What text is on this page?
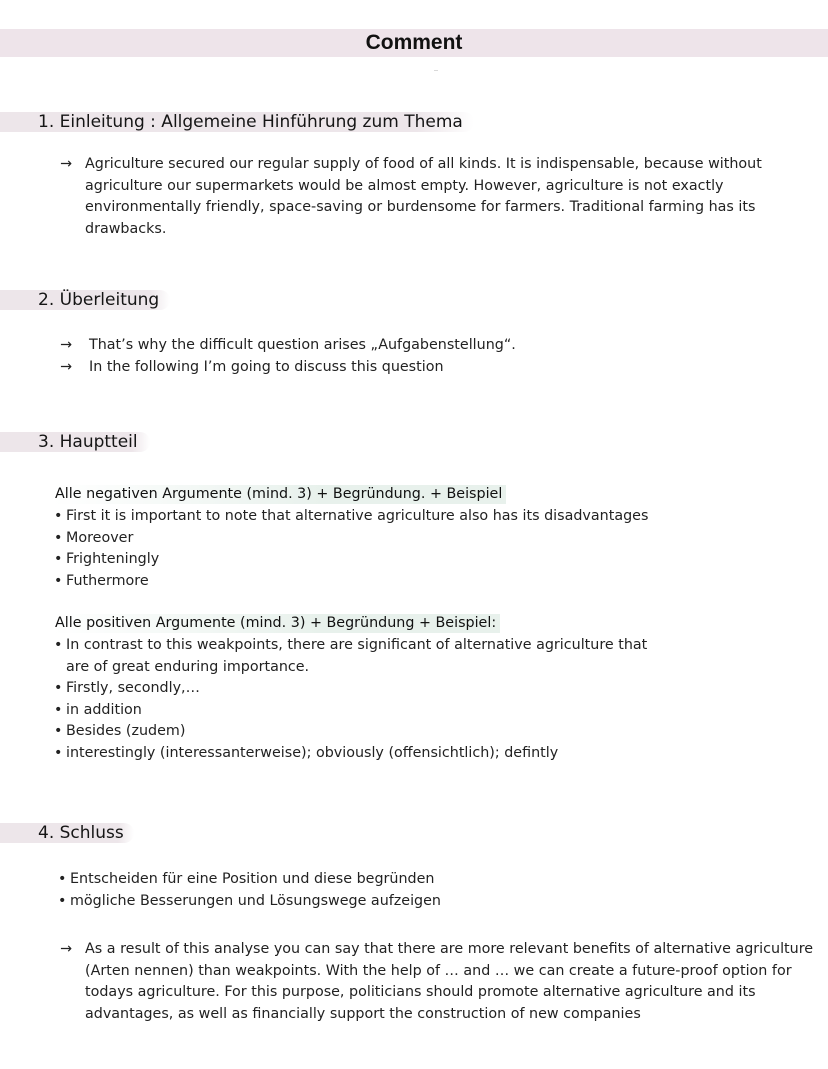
Comment
1. Einleitung : Allgemeine Hinführung zum Thema
→ Agriculture secured our regular supply of food of all kinds. It is indispensable, because without
agriculture our supermarkets would be almost empty. However, agriculture is not exactly
environmentally friendly, space-saving or burdensome for farmers. Traditional farming has its
drawbacks.
2. Überleitung
→ That’s why the difficult question arises „Aufgabenstellung“.
→ In the following I’m going to discuss this question
3. Hauptteil
Alle negativen Argumente (mind. 3) + Begründung. + Beispiel
• First it is important to note that alternative agriculture also has its disadvantages
• Moreover
• Frighteningly
• Futhermore
Alle positiven Argumente (mind. 3) + Begründung + Beispiel:
• In contrast to this weakpoints, there are significant of alternative agriculture that
are of great enduring importance.
• Firstly, secondly,…
• in addition
• Besides (zudem)
• interestingly (interessanterweise); obviously (offensichtlich); defintly
4. Schluss
• Entscheiden für eine Position und diese begründen
• mögliche Besserungen und Lösungswege aufzeigen
→ As a result of this analyse you can say that there are more relevant benefits of alternative agriculture
(Arten nennen) than weakpoints. With the help of … and … we can create a future-proof option for
todays agriculture. For this purpose, politicians should promote alternative agriculture and its
advantages, as well as financially support the construction of new companies
